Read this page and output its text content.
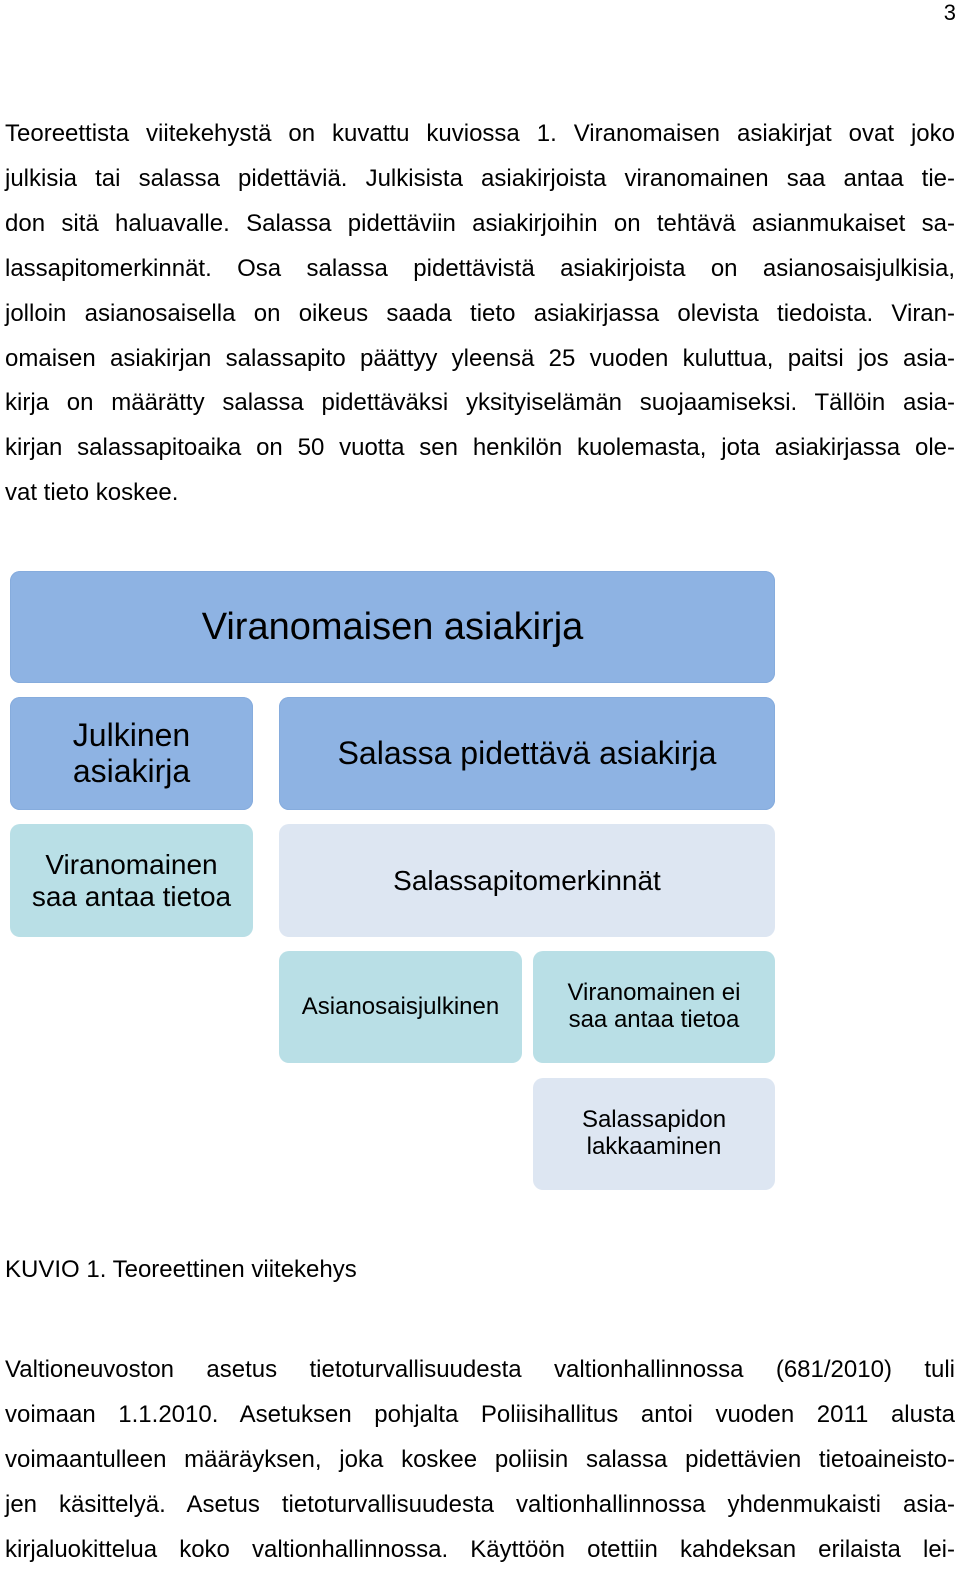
3
Teoreettista viitekehystä on kuvattu kuviossa 1. Viranomaisen asiakirjat ovat joko
julkisia tai salassa pidettäviä. Julkisista asiakirjoista viranomainen saa antaa tie-
don sitä haluavalle. Salassa pidettäviin asiakirjoihin on tehtävä asianmukaiset sa-
lassapitomerkinnät. Osa salassa pidettävistä asiakirjoista on asianosaisjulkisia,
jolloin asianosaisella on oikeus saada tieto asiakirjassa olevista tiedoista. Viran-
omaisen asiakirjan salassapito päättyy yleensä 25 vuoden kuluttua, paitsi jos asia-
kirja on määrätty salassa pidettäväksi yksityiselämän suojaamiseksi. Tällöin asia-
kirjan salassapitoaika on 50 vuotta sen henkilön kuolemasta, jota asiakirjassa ole-
vat tieto koskee.
Viranomaisen asiakirja
Julkinen
asiakirja	Salassa pidettävä asiakirja
Viranomainen
saa antaa tietoa
Salassapitomerkinnät
Asianosaisjulkinen	Viranomainen ei
saa antaa tietoa
Salassapidon
lakkaaminen
KUVIO 1. Teoreettinen viitekehys
Valtioneuvoston asetus tietoturvallisuudesta valtionhallinnossa (681/2010) tuli
voimaan 1.1.2010. Asetuksen pohjalta Poliisihallitus antoi vuoden 2011 alusta
voimaantulleen määräyksen, joka koskee poliisin salassa pidettävien tietoaineisto-
jen käsittelyä. Asetus tietoturvallisuudesta valtionhallinnossa yhdenmukaisti asia-
kirjaluokittelua koko valtionhallinnossa. Käyttöön otettiin kahdeksan erilaista lei-
